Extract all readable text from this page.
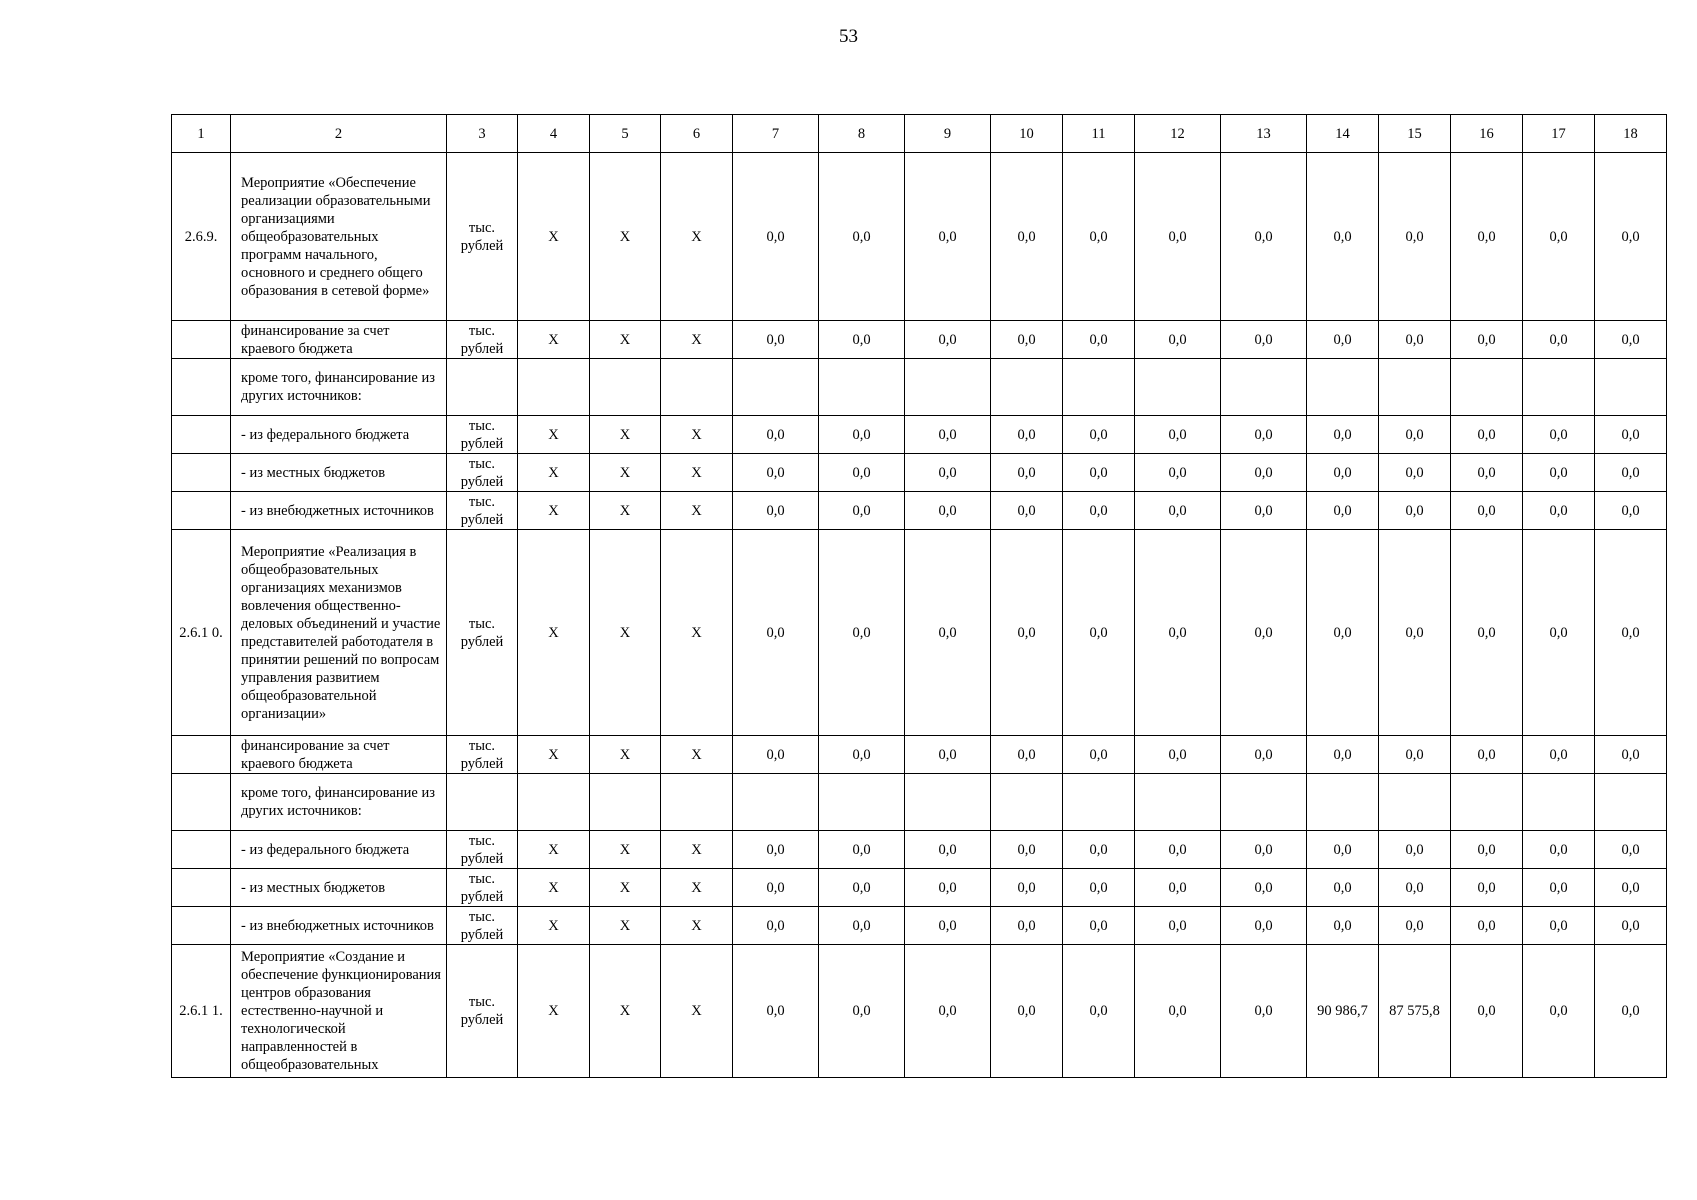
53
1	2	3	4	5	6	7	8	9	10	11	12	13	14	15	16	17	18
2.6.9.	Мероприятие «Обеспечение реализации образовательными организациями общеобразовательных программ начального, основного и среднего общего образования в сетевой форме»	тыс. рублей	X	X	X	0,0	0,0	0,0	0,0	0,0	0,0	0,0	0,0	0,0	0,0	0,0	0,0
	финансирование за счет краевого бюджета	тыс. рублей	X	X	X	0,0	0,0	0,0	0,0	0,0	0,0	0,0	0,0	0,0	0,0	0,0	0,0
	кроме того, финансирование из других источников:																
	- из федерального бюджета	тыс. рублей	X	X	X	0,0	0,0	0,0	0,0	0,0	0,0	0,0	0,0	0,0	0,0	0,0	0,0
	- из местных бюджетов	тыс. рублей	X	X	X	0,0	0,0	0,0	0,0	0,0	0,0	0,0	0,0	0,0	0,0	0,0	0,0
	- из внебюджетных источников	тыс. рублей	X	X	X	0,0	0,0	0,0	0,0	0,0	0,0	0,0	0,0	0,0	0,0	0,0	0,0
2.6.1 0.	Мероприятие «Реализация в общеобразовательных организациях механизмов вовлечения общественно-деловых объединений и участие представителей работодателя в принятии решений по вопросам управления развитием общеобразовательной организации»	тыс. рублей	X	X	X	0,0	0,0	0,0	0,0	0,0	0,0	0,0	0,0	0,0	0,0	0,0	0,0
	финансирование за счет краевого бюджета	тыс. рублей	X	X	X	0,0	0,0	0,0	0,0	0,0	0,0	0,0	0,0	0,0	0,0	0,0	0,0
	кроме того, финансирование из других источников:																
	- из федерального бюджета	тыс. рублей	X	X	X	0,0	0,0	0,0	0,0	0,0	0,0	0,0	0,0	0,0	0,0	0,0	0,0
	- из местных бюджетов	тыс. рублей	X	X	X	0,0	0,0	0,0	0,0	0,0	0,0	0,0	0,0	0,0	0,0	0,0	0,0
	- из внебюджетных источников	тыс. рублей	X	X	X	0,0	0,0	0,0	0,0	0,0	0,0	0,0	0,0	0,0	0,0	0,0	0,0
2.6.1 1.	Мероприятие «Создание и обеспечение функционирования центров образования естественно-научной и технологической направленностей в общеобразовательных	тыс. рублей	X	X	X	0,0	0,0	0,0	0,0	0,0	0,0	0,0	90 986,7	87 575,8	0,0	0,0	0,0
